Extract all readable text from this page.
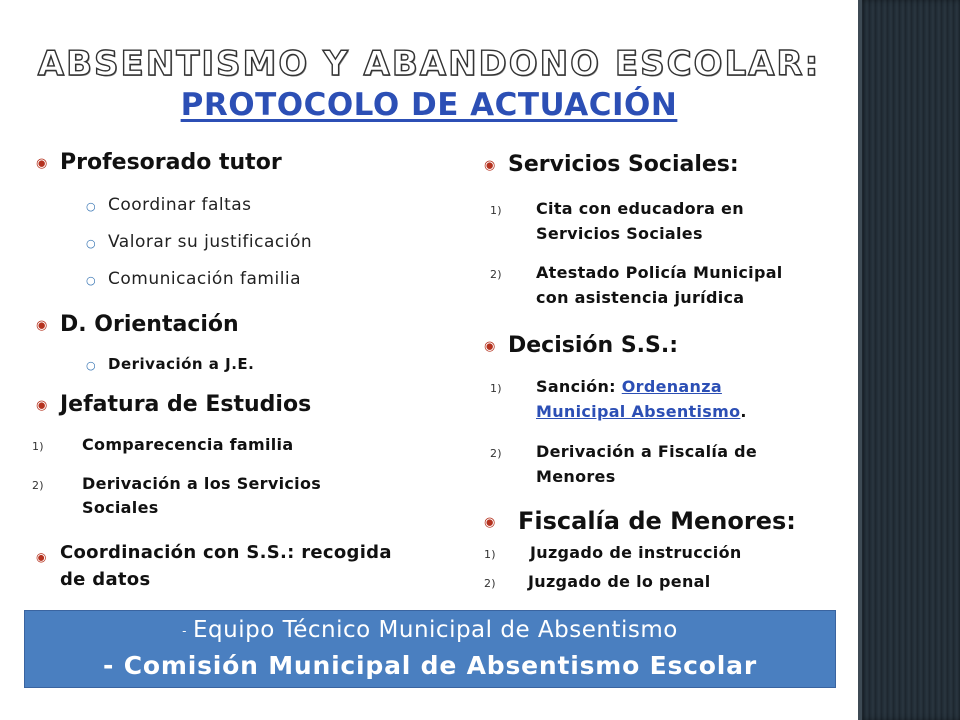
ABSENTISMO Y ABANDONO ESCOLAR:
PROTOCOLO DE ACTUACIÓN
◉ Profesorado tutor
○ Coordinar faltas
○ Valorar su justificación
○ Comunicación familia
◉ D. Orientación
○ Derivación a J.E.
◉ Jefatura de Estudios
1) Comparecencia familia
2) Derivación a los Servicios
Sociales
◉ Coordinación con S.S.: recogida
de datos
◉ Servicios Sociales:
1) Cita con educadora en
Servicios Sociales
2) Atestado Policía Municipal
con asistencia jurídica
◉ Decisión S.S.:
1) Sanción: Ordenanza
Municipal Absentismo.
2) Derivación a Fiscalía de
Menores
◉ Fiscalía de Menores:
1) Juzgado de instrucción
2) Juzgado de lo penal
- Equipo Técnico Municipal de Absentismo
- Comisión Municipal de Absentismo Escolar
